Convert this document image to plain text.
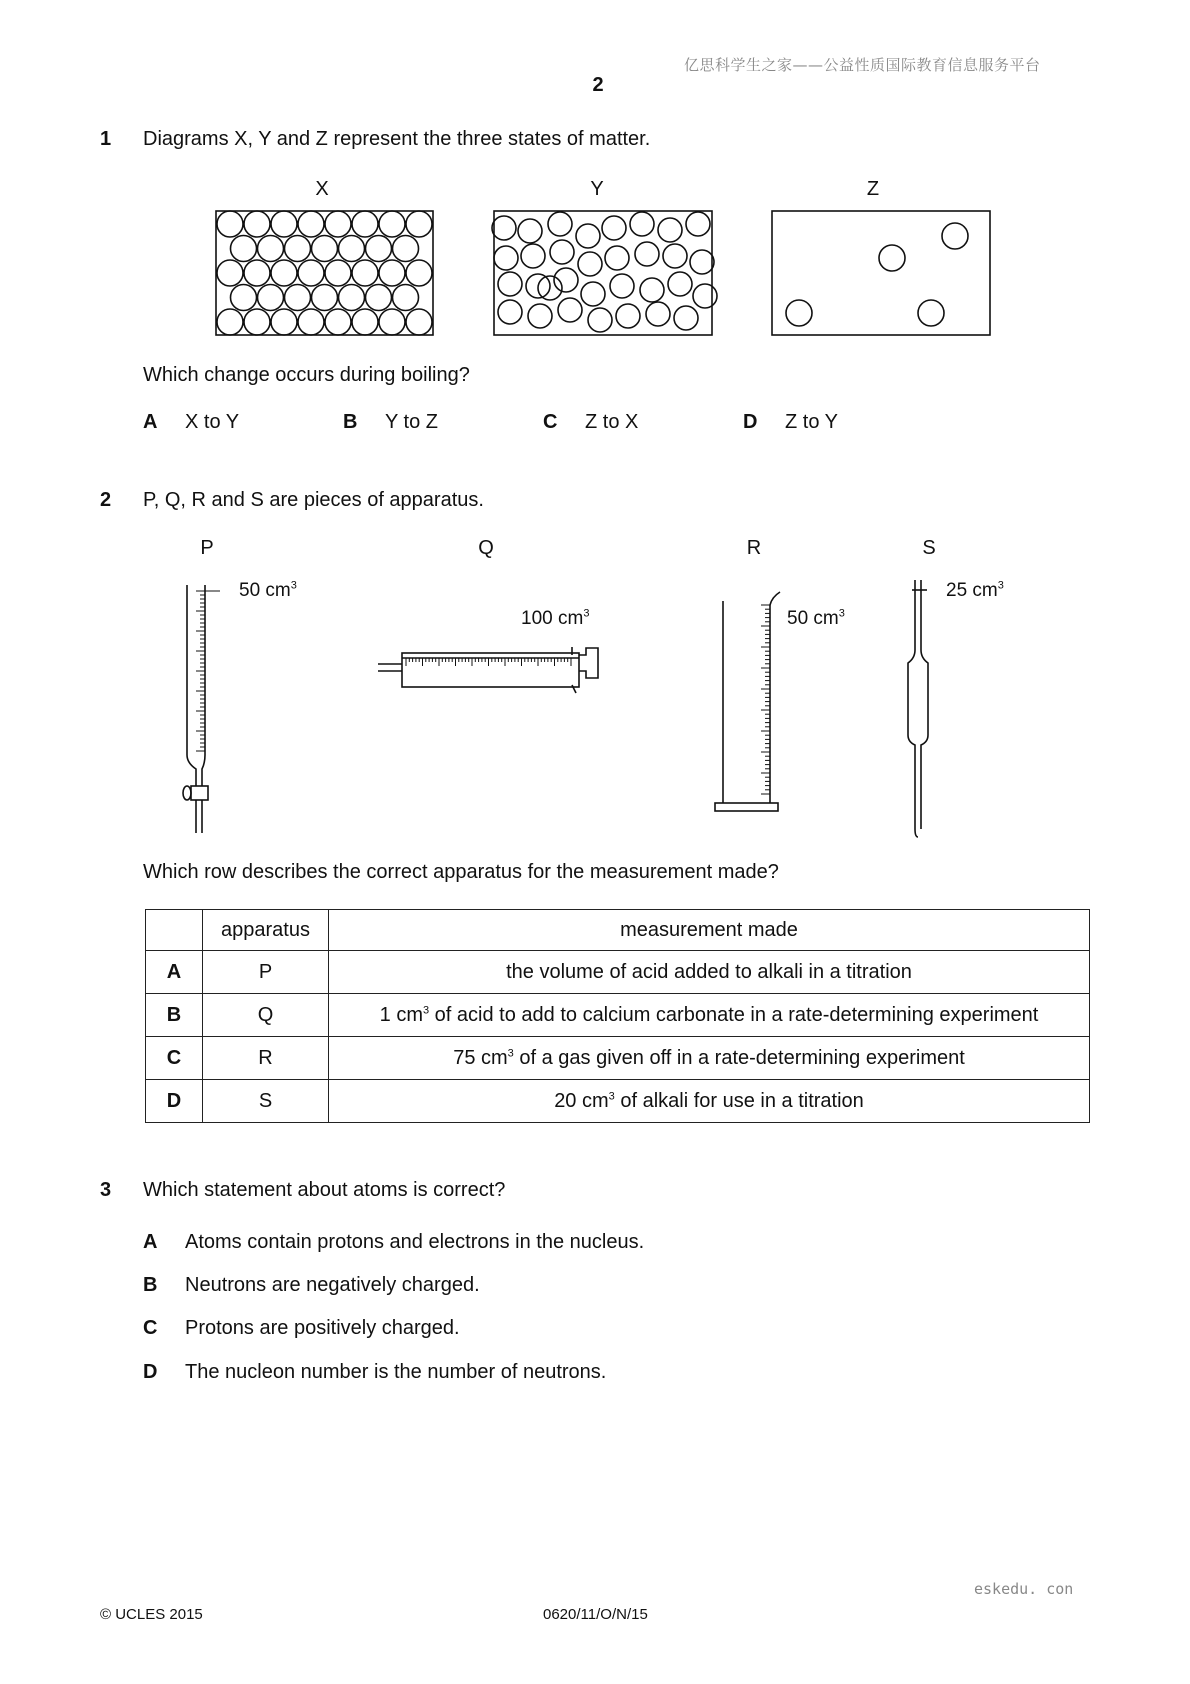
亿思科学生之家——公益性质国际教育信息服务平台
2
1 Diagrams X, Y and Z represent the three states of matter.
X	Y	Z
Which change occurs during boiling?
A X to Y	B Y to Z	C Z to X	D Z to Y
2 P, Q, R and S are pieces of apparatus.
P	Q	R	S
50 $cm^3$
100 $cm^3$	50 $cm^3$
25 $cm^3$
Which row describes the correct apparatus for the measurement made?
	apparatus	measurement made
A	P	the volume of acid added to alkali in a titration
B	Q	1 $cm^3$ of acid to add to calcium carbonate in a rate-determining experiment
C	R	75 $cm^3$ of a gas given off in a rate-determining experiment
D	S	20 $cm^3$ of alkali for use in a titration
3 Which statement about atoms is correct?
A Atoms contain protons and electrons in the nucleus.
B Neutrons are negatively charged.
C Protons are positively charged.
D The nucleon number is the number of neutrons.
eskedu. con
© UCLES 2015	0620/11/O/N/15
